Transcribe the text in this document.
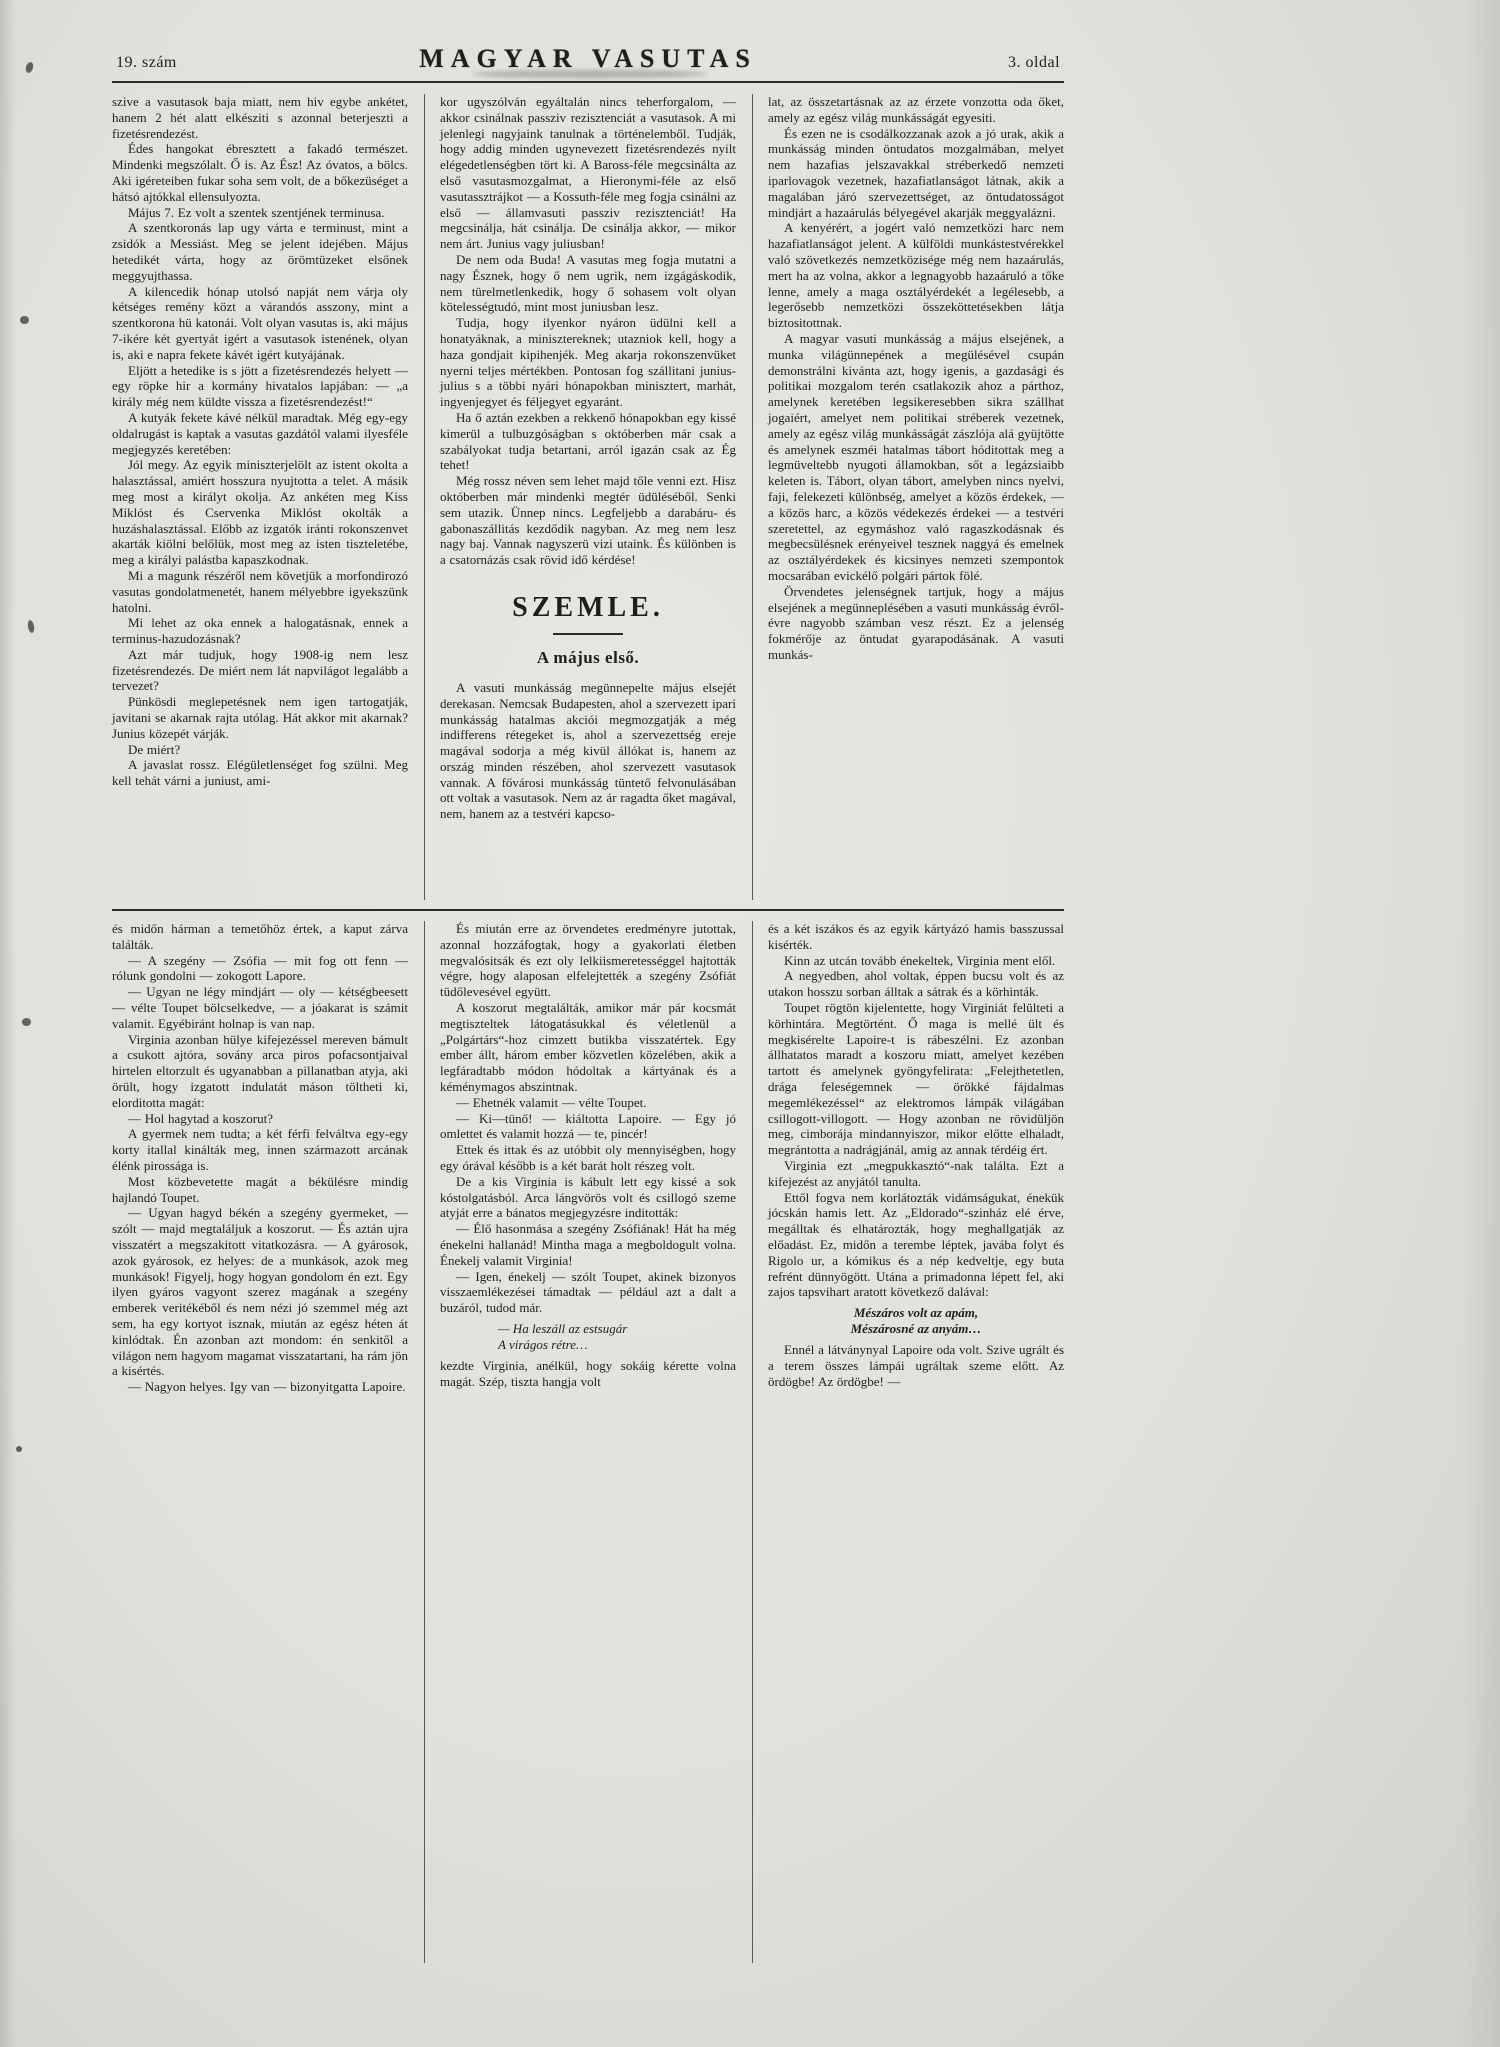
19. szám	MAGYAR VASUTAS	3. oldal

szive a vasutasok baja miatt, nem hiv egybe ankétet, hanem 2 hét alatt elkésziti s azonnal beterjeszti a fizetésrendezést.

Édes hangokat ébresztett a fakadó természet. Mindenki megszólalt. Ő is. Az Ész! Az óvatos, a bölcs. Aki igéreteiben fukar soha sem volt, de a bőkezüséget a hátsó ajtókkal ellensulyozta.

Május 7. Ez volt a szentek szentjének terminusa.

A szentkoronás lap ugy várta e terminust, mint a zsidók a Messiást. Meg se jelent idejében. Május hetedikét várta, hogy az örömtüzeket elsőnek meggyujthassa.

A kilencedik hónap utolsó napját nem várja oly kétséges remény közt a várandós asszony, mint a szentkorona hü katonái. Volt olyan vasutas is, aki május 7-ikére két gyertyát igért a vasutasok istenének, olyan is, aki e napra fekete kávét igért kutyájának.

Eljött a hetedike is s jött a fizetésrendezés helyett — egy röpke hir a kormány hivatalos lapjában: — „a király még nem küldte vissza a fizetésrendezést!“

A kutyák fekete kávé nélkül maradtak. Még egy-egy oldalrugást is kaptak a vasutas gazdától valami ilyesféle megjegyzés keretében:

Jól megy. Az egyik miniszterjelölt az istent okolta a halasztással, amiért hosszura nyujtotta a telet. A másik meg most a királyt okolja. Az ankéten meg Kiss Miklóst és Cservenka Miklóst okolták a huzáshalasztással. Előbb az izgatók iránti rokonszenvet akarták kiölni belőlük, most meg az isten tiszteletébe, meg a királyi palástba kapaszkodnak.

Mi a magunk részéről nem követjük a morfondirozó vasutas gondolatmenetét, hanem mélyebbre igyekszünk hatolni.

Mi lehet az oka ennek a halogatásnak, ennek a terminus-hazudozásnak?

Azt már tudjuk, hogy 1908-ig nem lesz fizetésrendezés. De miért nem lát napvilágot legalább a tervezet?

Pünkösdi meglepetésnek nem igen tartogatják, javitani se akarnak rajta utólag. Hát akkor mit akarnak? Junius közepét várják.

De miért?

A javaslat rossz. Elégületlenséget fog szülni. Meg kell tehát várni a juniust, ami-

kor ugyszólván egyáltalán nincs teherforgalom, — akkor csinálnak passziv rezisztenciát a vasutasok. A mi jelenlegi nagyjaink tanulnak a történelemből. Tudják, hogy addig minden ugynevezett fizetésrendezés nyilt elégedetlenségben tört ki. A Baross-féle megcsinálta az első vasutasmozgalmat, a Hieronymi-féle az első vasutassztrájkot — a Kossuth-féle meg fogja csinálni az első — államvasuti passziv rezisztenciát! Ha megcsinálja, hát csinálja. De csinálja akkor, — mikor nem árt. Junius vagy juliusban!

De nem oda Buda! A vasutas meg fogja mutatni a nagy Észnek, hogy ő nem ugrik, nem izgágáskodik, nem türelmetlenkedik, hogy ő sohasem volt olyan kötelességtudó, mint most juniusban lesz.

Tudja, hogy ilyenkor nyáron üdülni kell a honatyáknak, a minisztereknek; utazniok kell, hogy a haza gondjait kipihenjék. Meg akarja rokonszenvüket nyerni teljes mértékben. Pontosan fog szállitani junius-julius s a többi nyári hónapokban minisztert, marhát, ingyenjegyet és féljegyet egyaránt.

Ha ő aztán ezekben a rekkenő hónapokban egy kissé kimerül a tulbuzgóságban s októberben már csak a szabályokat tudja betartani, arról igazán csak az Ég tehet!

Még rossz néven sem lehet majd tőle venni ezt. Hisz októberben már mindenki megtér üdüléséből. Senki sem utazik. Ünnep nincs. Legfeljebb a darabáru- és gabonaszállitás kezdődik nagyban. Az meg nem lesz nagy baj. Vannak nagyszerü vizi utaink. És különben is a csatornázás csak rövid idő kérdése!

SZEMLE.
A május első.

A vasuti munkásság megünnepelte május elsejét derekasan. Nemcsak Budapesten, ahol a szervezett ipari munkásság hatalmas akciói megmozgatják a még indifferens rétegeket is, ahol a szervezettség ereje magával sodorja a még kivül állókat is, hanem az ország minden részében, ahol szervezett vasutasok vannak. A fővárosi munkásság tüntető felvonulásában ott voltak a vasutasok. Nem az ár ragadta őket magával, nem, hanem az a testvéri kapcso-

lat, az összetartásnak az az érzete vonzotta oda őket, amely az egész világ munkásságát egyesiti.

És ezen ne is csodálkozzanak azok a jó urak, akik a munkásság minden öntudatos mozgalmában, melyet nem hazafias jelszavakkal stréberkedő nemzeti iparlovagok vezetnek, hazafiatlanságot látnak, akik a magalában járó szervezettséget, az öntudatosságot mindjárt a hazaárulás bélyegével akarják meggyalázni.

A kenyérért, a jogért való nemzetközi harc nem hazafiatlanságot jelent. A külföldi munkástestvérekkel való szövetkezés nemzetközisége még nem hazaárulás, mert ha az volna, akkor a legnagyobb hazaáruló a tőke lenne, amely a maga osztályérdekét a legélesebb, a legerősebb nemzetközi összeköttetésekben látja biztositottnak.

A magyar vasuti munkásság a május elsejének, a munka világünnepének a megülésével csupán demonstrálni kivánta azt, hogy igenis, a gazdasági és politikai mozgalom terén csatlakozik ahoz a párthoz, amelynek keretében legsikeresebben sikra szállhat jogaiért, amelyet nem politikai stréberek vezetnek, amely az egész világ munkásságát zászlója alá gyüjtötte és amelynek eszméi hatalmas tábort hóditottak meg a legmüveltebb nyugoti államokban, sőt a legázsiaibb keleten is. Tábort, olyan tábort, amelyben nincs nyelvi, faji, felekezeti különbség, amelyet a közös érdekek, — a közös harc, a közös védekezés érdekei — a testvéri szeretettel, az egymáshoz való ragaszkodásnak és megbecsülésnek erényeivel tesznek naggyá és emelnek az osztályérdekek és kicsinyes nemzeti szempontok mocsarában evickélő polgári pártok fölé.

Örvendetes jelenségnek tartjuk, hogy a május elsejének a megünneplésében a vasuti munkásság évről-évre nagyobb számban vesz részt. Ez a jelenség fokmérője az öntudat gyarapodásának. A vasuti munkás-

és midőn hárman a temetőhöz értek, a kaput zárva találták.

— A szegény — Zsófia — mit fog ott fenn — rólunk gondolni — zokogott Lapore.

— Ugyan ne légy mindjárt — oly — kétségbeesett — vélte Toupet bölcselkedve, — a jóakarat is számit valamit. Egyébiránt holnap is van nap.

Virginia azonban hülye kifejezéssel mereven bámult a csukott ajtóra, sovány arca piros pofacsontjaival hirtelen eltorzult és ugyanabban a pillanatban atyja, aki örült, hogy izgatott indulatát máson töltheti ki, elorditotta magát:

— Hol hagytad a koszorut?

A gyermek nem tudta; a két férfi felváltva egy-egy korty itallal kinálták meg, innen származott arcának élénk pirossága is.

Most közbevetette magát a békülésre mindig hajlandó Toupet.

— Ugyan hagyd békén a szegény gyermeket, — szólt — majd megtaláljuk a koszorut. — És aztán ujra visszatért a megszakitott vitatkozásra. — A gyárosok, azok gyárosok, ez helyes: de a munkások, azok meg munkások! Figyelj, hogy hogyan gondolom én ezt. Egy ilyen gyáros vagyont szerez magának a szegény emberek veritékéből és nem nézi jó szemmel még azt sem, ha egy kortyot isznak, miután az egész héten át kinlódtak. Én azonban azt mondom: én senkitől a világon nem hagyom magamat visszatartani, ha rám jön a kisértés.

— Nagyon helyes. Igy van — bizonyitgatta Lapoire.

És miután erre az örvendetes eredményre jutottak, azonnal hozzáfogtak, hogy a gyakorlati életben megvalósitsák és ezt oly lelkiismeretességgel hajtották végre, hogy alaposan elfelejtették a szegény Zsófiát tüdőlevesével együtt.

A koszorut megtalálták, amikor már pár kocsmát megtiszteltek látogatásukkal és véletlenül a „Polgártárs“-hoz cimzett butikba visszatértek. Egy ember állt, három ember közvetlen közelében, akik a legfáradtabb módon hódoltak a kártyának és a kéménymagos abszintnak.

— Ehetnék valamit — vélte Toupet.

— Ki—tünő! — kiáltotta Lapoire. — Egy jó omlettet és valamit hozzá — te, pincér!

Ettek és ittak és az utóbbit oly mennyiségben, hogy egy órával később is a két barát holt részeg volt.

De a kis Virginia is kábult lett egy kissé a sok kóstolgatásból. Arca lángvörös volt és csillogó szeme atyját erre a bánatos megjegyzésre inditották:

— Élő hasonmása a szegény Zsófiának! Hát ha még énekelni hallanád! Mintha maga a megboldogult volna. Énekelj valamit Virginia!

— Igen, énekelj — szólt Toupet, akinek bizonyos visszaemlékezései támadtak — például azt a dalt a buzáról, tudod már.

— Ha leszáll az estsugár

A virágos rétre…

kezdte Virginia, anélkül, hogy sokáig kérette volna magát. Szép, tiszta hangja volt

és a két iszákos és az egyik kártyázó hamis basszussal kisérték.

Kinn az utcán tovább énekeltek, Virginia ment elől.

A negyedben, ahol voltak, éppen bucsu volt és az utakon hosszu sorban álltak a sátrak és a körhinták.

Toupet rögtön kijelentette, hogy Virginiát felülteti a körhintára. Megtörtént. Ő maga is mellé ült és megkisérelte Lapoire-t is rábeszélni. Ez azonban állhatatos maradt a koszoru miatt, amelyet kezében tartott és amelynek gyöngyfelirata: „Felejthetetlen, drága feleségemnek — örökké fájdalmas megemlékezéssel“ az elektromos lámpák világában csillogott-villogott. — Hogy azonban ne rövidüljön meg, cimborája mindannyiszor, mikor előtte elhaladt, megrántotta a nadrágjánál, amig az annak térdéig ért.

Virginia ezt „megpukkasztó“-nak találta. Ezt a kifejezést az anyjától tanulta.

Ettől fogva nem korlátozták vidámságukat, énekük jócskán hamis lett. Az „Eldorado“-szinház elé érve, megálltak és elhatározták, hogy meghallgatják az előadást. Ez, midőn a terembe léptek, javába folyt és Rigolo ur, a kómikus és a nép kedveltje, egy buta refrént dünnyögött. Utána a primadonna lépett fel, aki zajos tapsvihart aratott következő dalával:

Mészáros volt az apám,

Mészárosné az anyám…

Ennél a látványnyal Lapoire oda volt. Szive ugrált és a terem összes lámpái ugráltak szeme előtt. Az ördögbe! Az ördögbe! —
